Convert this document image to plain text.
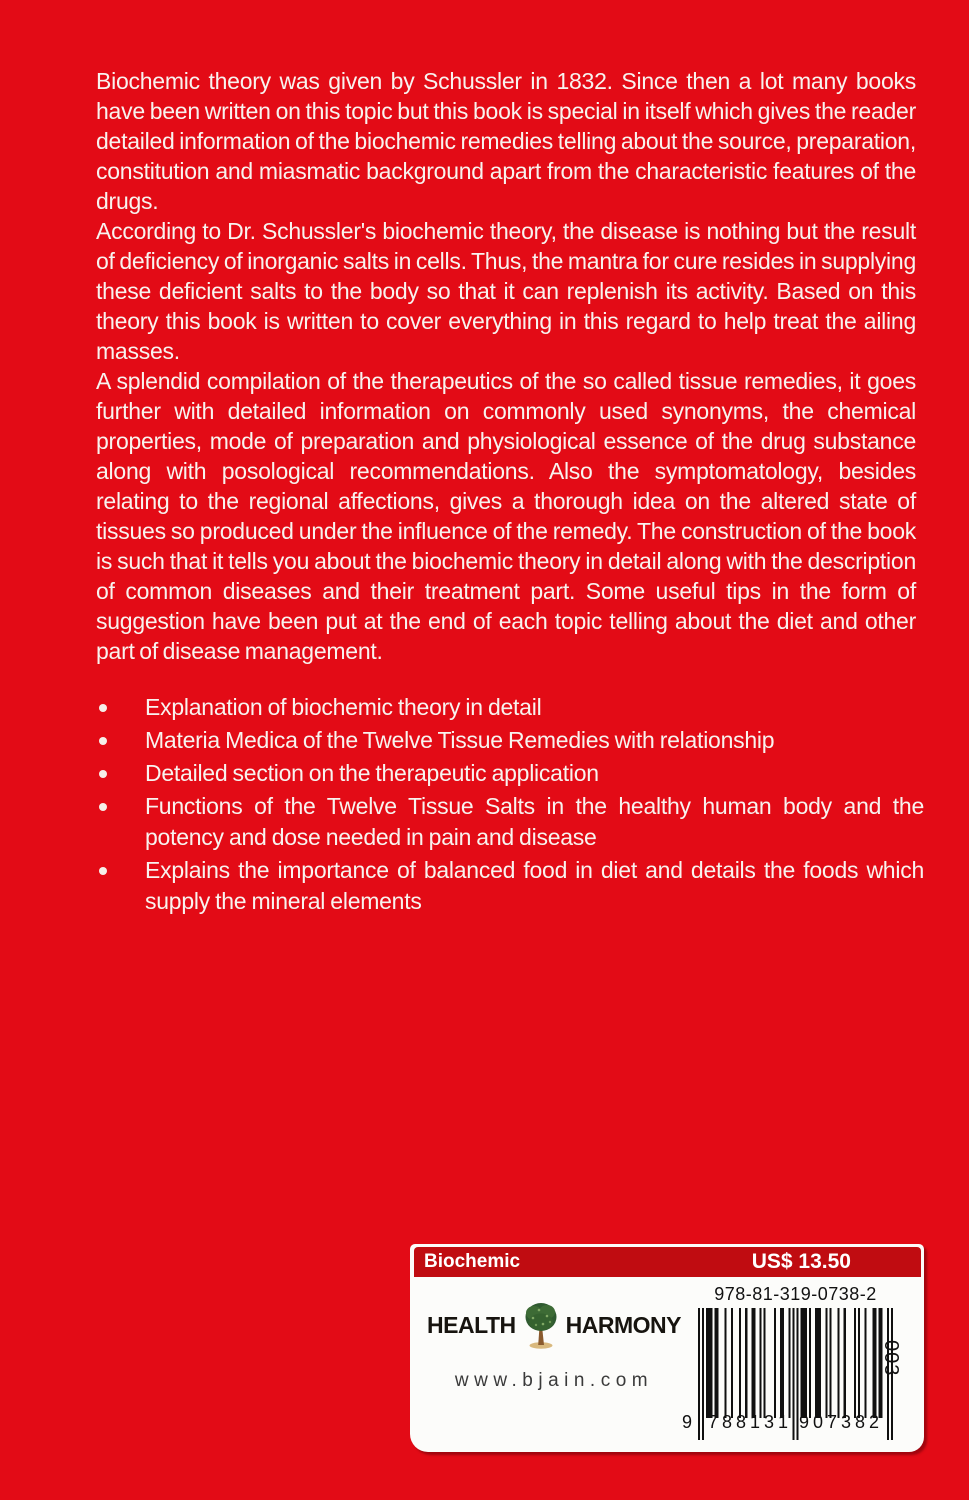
Biochemic theory was given by Schussler in 1832. Since then a lot many books have been written on this topic but this book is special in itself which gives the reader detailed information of the biochemic remedies telling about the source, preparation, constitution and miasmatic background apart from the characteristic features of the drugs.

According to Dr. Schussler's biochemic theory, the disease is nothing but the result of deficiency of inorganic salts in cells. Thus, the mantra for cure resides in supplying these deficient salts to the body so that it can replenish its activity. Based on this theory this book is written to cover everything in this regard to help treat the ailing masses.

A splendid compilation of the therapeutics of the so called tissue remedies, it goes further with detailed information on commonly used synonyms, the chemical properties, mode of preparation and physiological essence of the drug substance along with posological recommendations. Also the symptomatology, besides relating to the regional affections, gives a thorough idea on the altered state of tissues so produced under the influence of the remedy. The construction of the book is such that it tells you about the biochemic theory in detail along with the description of common diseases and their treatment part. Some useful tips in the form of suggestion have been put at the end of each topic telling about the diet and other part of disease management.

Explanation of biochemic theory in detail
Materia Medica of the Twelve Tissue Remedies with relationship
Detailed section on the therapeutic application
Functions of the Twelve Tissue Salts in the healthy human body and the potency and dose needed in pain and disease
Explains the importance of balanced food in diet and details the foods which supply the mineral elements
Biochemic	US$ 13.50
HEALTH HARMONY
www.bjain.com
978-81-319-0738-2
9 788131 907382
003
